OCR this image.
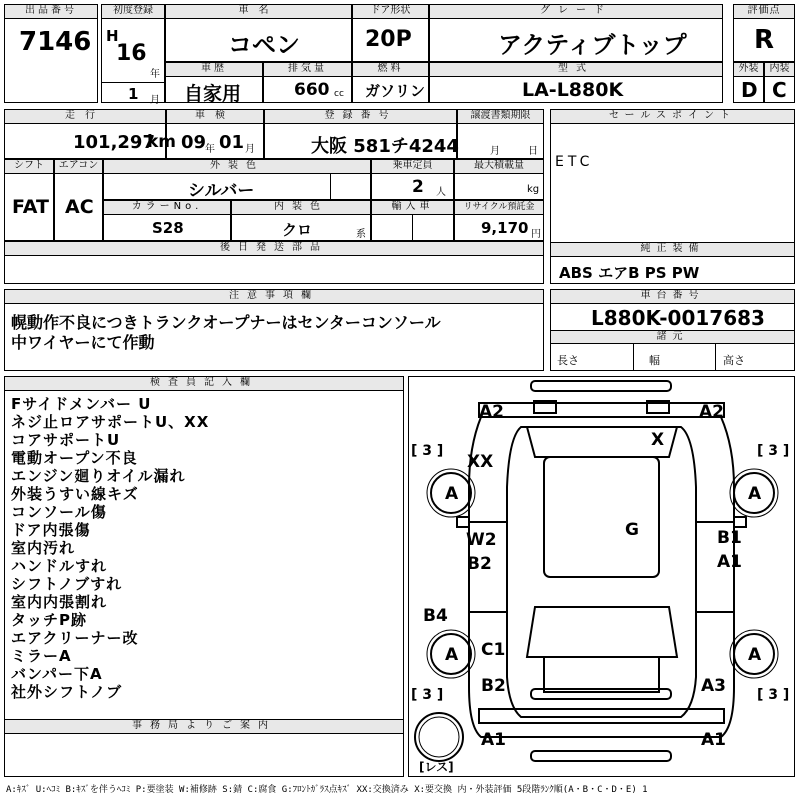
出品番号
7146
初度登録
H
16
年
1 月
車名
コペン
ドア形状
20P
グレード
アクティブトップ
評価点
R
車歴
自家用
排気量
660 cc
燃料
ガソリン
型式
LA-L880K
外装
D
内装
C
走行
101,297
km
車検
09
年 01 月
登録番号
大阪 581チ4244
譲渡書類期限
月	日
セールスポイント
ETC
純正装備
ABS エアB PS PW
シフト
FAT
エアコン
AC
外装色
シルバー
乗車定員
2 人
最大積載量
kg
カラーNo.
S28
内装色
クロ	系
輸入車	リサイクル預託金
9,170 円
後日発送部品
注意事項欄
幌動作不良につきトランクオープナーはセンターコンソール
中ワイヤーにて作動
車台番号
L880K-0017683
諸元
長さ	幅	高さ
検査員記入欄
Fサイドメンバー U
ネジ止ロアサポートU、XX
コアサポートU
電動オープン不良
エンジン廻りオイル漏れ
外装うすい線キズ
コンソール傷
ドア内張傷
室内汚れ
ハンドルすれ
シフトノブすれ
室内内張割れ
タッチP跡
エアクリーナー改
ミラーA
バンパー下A
社外シフトノブ
事務局よりご案内
A2	A2
X
XX
G
W2
B2
B1
A1
B4
C1
B2	A3
A1	A1
A	A
A	A
[ 3 ]	[ 3 ]
[ 3 ]	[ 3 ]
[レス]
A:ｷｽﾞ U:ﾍｺﾐ B:ｷｽﾞを伴うﾍｺﾐ P:要塗装 W:補修跡 S:錆 C:腐食 G:ﾌﾛﾝﾄｶﾞﾗｽ点ｷｽﾞ XX:交換済み X:要交換 内・外装評価 5段階ﾗﾝｸ順(A・B・C・D・E) 1
